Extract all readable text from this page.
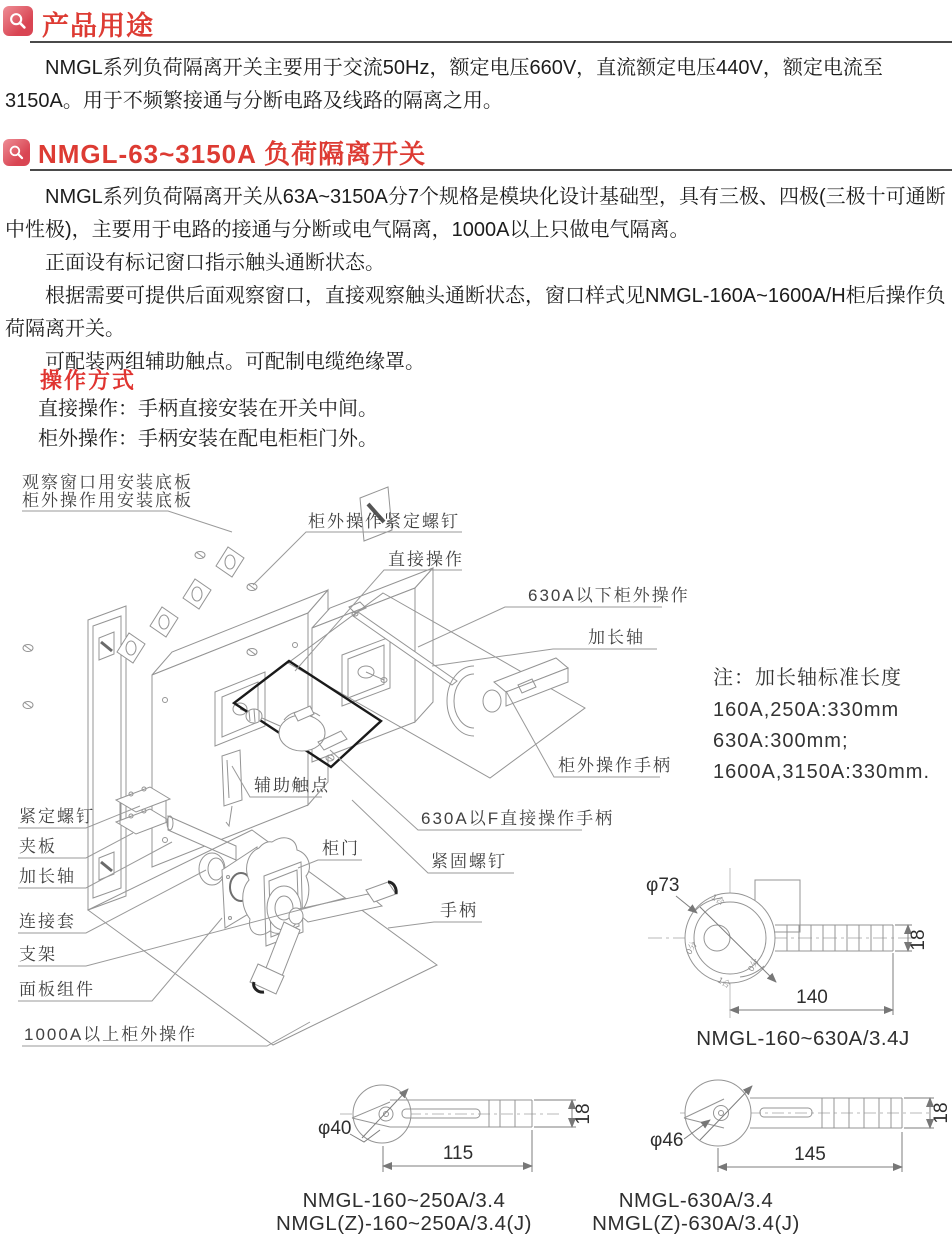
产品用途

NMGL系列负荷隔离开关主要用于交流50Hz，额定电压660V，直流额定电压440V，额定电流至3150A。用于不频繁接通与分断电路及线路的隔离之用。

NMGL-63~3150A 负荷隔离开关

NMGL系列负荷隔离开关从63A~3150A分7个规格是模块化设计基础型，具有三极、四极(三极十可通断中性极)，主要用于电路的接通与分断或电气隔离，1000A以上只做电气隔离。

正面设有标记窗口指示触头通断状态。

根据需要可提供后面观察窗口，直接观察触头通断状态，窗口样式见NMGL-160A~1600A/H柜后操作负荷隔离开关。

可配装两组辅助触点。可配制电缆绝缘罩。

操作方式
直接操作：手柄直接安装在开关中间。
柜外操作：手柄安装在配电柜柜门外。
观察窗口用安装底板
柜外操作用安装底板
柜外操作紧定螺钉
直接操作
630A以下柜外操作
加长轴
柜外操作手柄
辅助触点
紧定螺钉
夹板
加长轴
连接套
支架
面板组件
1000A以上柜外操作
柜门
手柄
630A以F直接操作手柄
紧固螺钉
注：加长轴标准长度
160A,250A:330mm
630A:300mm;
1600A,3150A:330mm.
1合
0分
0分
1合
φ73
18
140
NMGL-160~630A/3.4J
φ40
18
115
NMGL-160~250A/3.4
NMGL(Z)-160~250A/3.4(J)
φ46
18
145
NMGL-630A/3.4
NMGL(Z)-630A/3.4(J)
